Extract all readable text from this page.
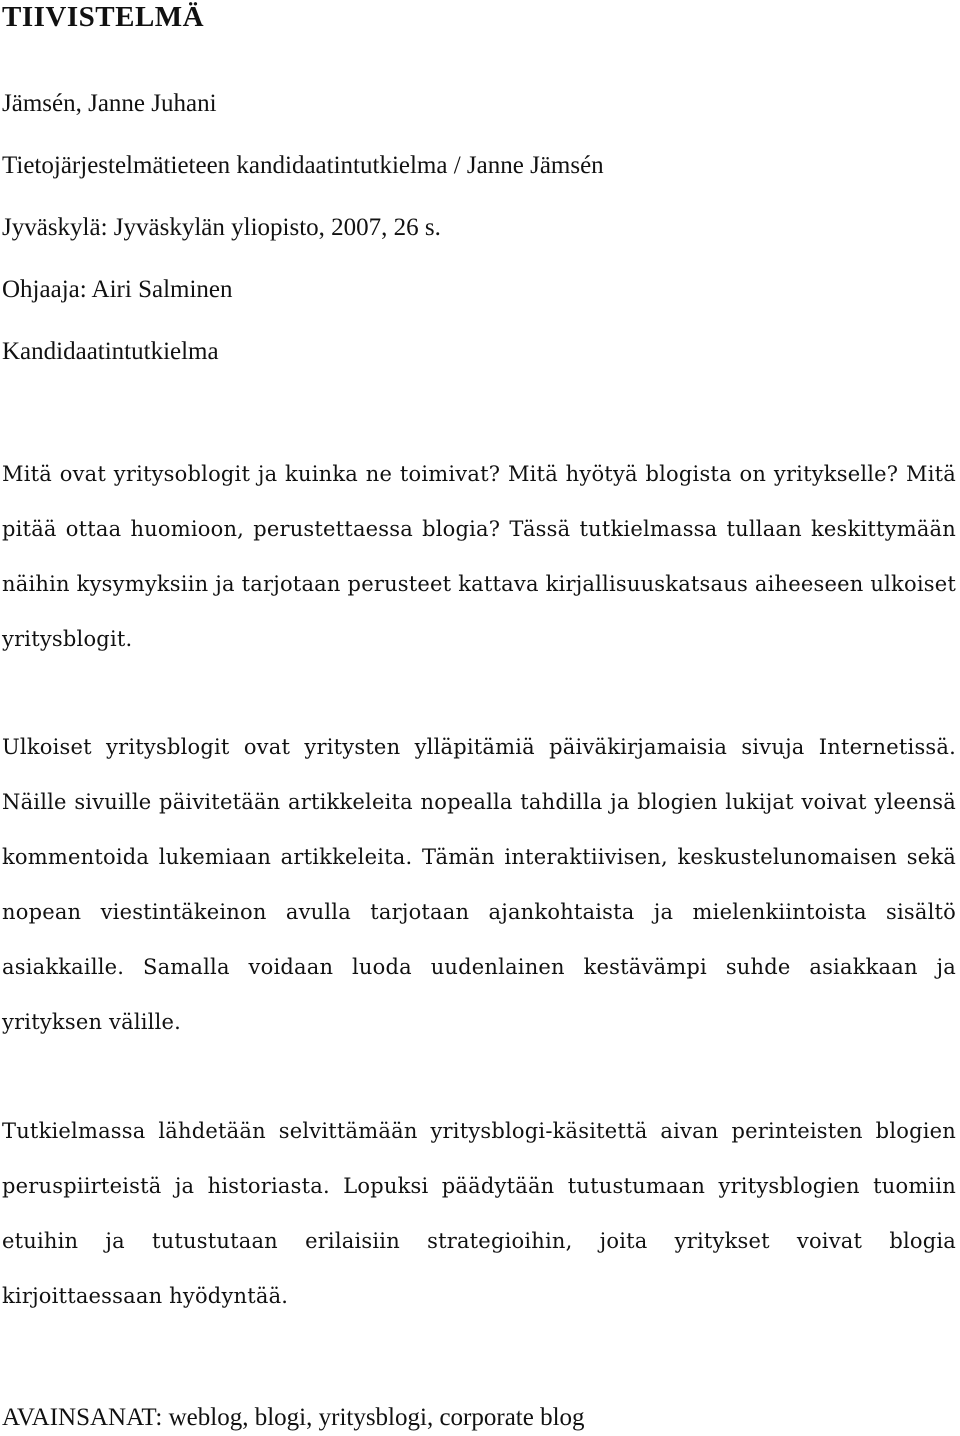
TIIVISTELMÄ

Jämsén, Janne Juhani

Tietojärjestelmätieteen kandidaatintutkielma / Janne Jämsén

Jyväskylä: Jyväskylän yliopisto, 2007, 26 s.

Ohjaaja: Airi Salminen

Kandidaatintutkielma

Mitä ovat yritysoblogit ja kuinka ne toimivat? Mitä hyötyä blogista on yritykselle? Mitä pitää ottaa huomioon, perustettaessa blogia? Tässä tutkielmassa tullaan keskittymään näihin kysymyksiin ja tarjotaan perusteet kattava kirjallisuuskatsaus aiheeseen ulkoiset yritysblogit.

Ulkoiset yritysblogit ovat yritysten ylläpitämiä päiväkirjamaisia sivuja Internetissä. Näille sivuille päivitetään artikkeleita nopealla tahdilla ja blogien lukijat voivat yleensä kommentoida lukemiaan artikkeleita. Tämän interaktiivisen, keskustelunomaisen sekä nopean viestintäkeinon avulla tarjotaan ajankohtaista ja mielenkiintoista sisältö asiakkaille. Samalla voidaan luoda uudenlainen kestävämpi suhde asiakkaan ja yrityksen välille.

Tutkielmassa lähdetään selvittämään yritysblogi-käsitettä aivan perinteisten blogien peruspiirteistä ja historiasta. Lopuksi päädytään tutustumaan yritysblogien tuomiin etuihin ja tutustutaan erilaisiin strategioihin, joita yritykset voivat blogia kirjoittaessaan hyödyntää.

AVAINSANAT: weblog, blogi, yritysblogi, corporate blog
